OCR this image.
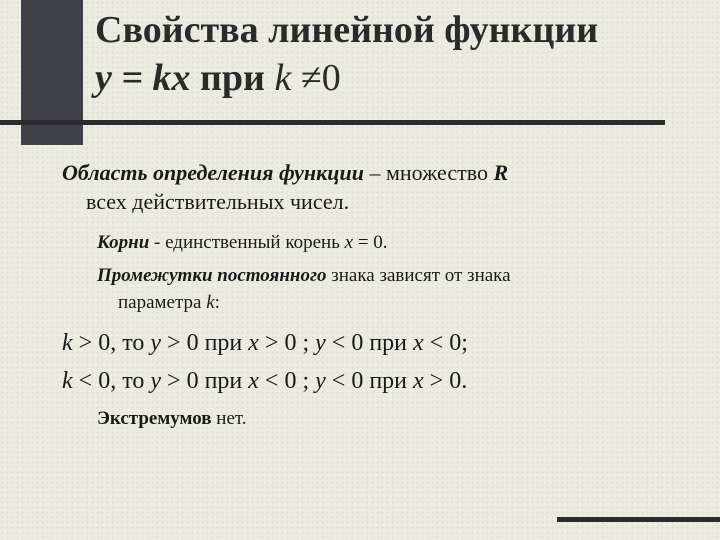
Свойства линейной функции
y = kx при k ≠0

Область определения функции – множество R

всех действительных чисел.

Корни - единственный корень x = 0.

Промежутки постоянного знака зависят от знака

параметра k:

k > 0, то y > 0 при x > 0 ; y < 0 при x < 0;

k < 0, то y > 0 при x < 0 ; y < 0 при x > 0.

Экстремумов нет.
